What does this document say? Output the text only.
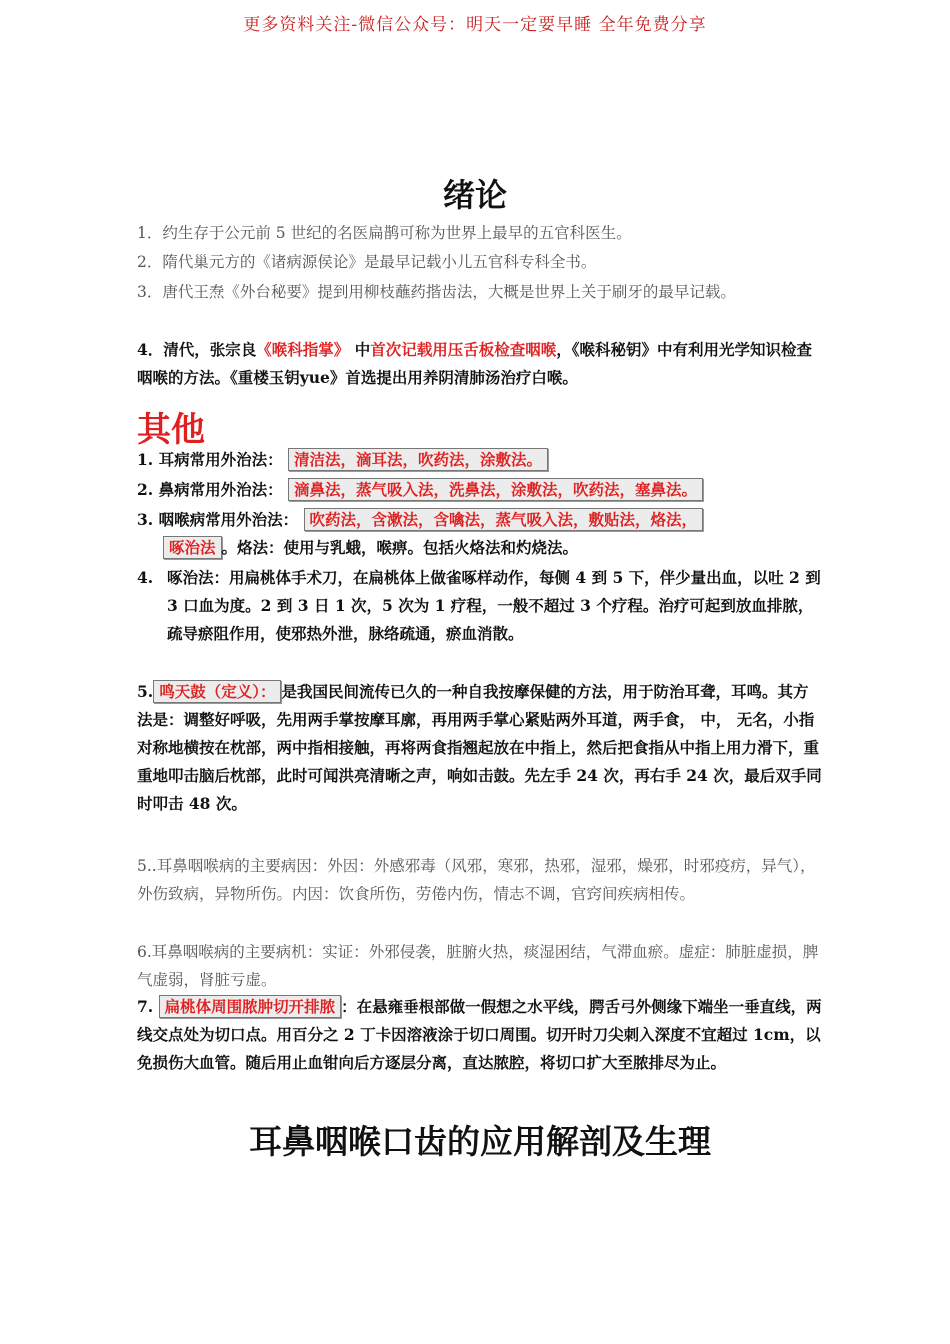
更多资料关注-微信公众号：明天一定要早睡 全年免费分享
绪论
1．约生存于公元前 5 世纪的名医扁鹊可称为世界上最早的五官科医生。
2．隋代巢元方的《诸病源侯论》是最早记载小儿五官科专科全书。
3．唐代王焘《外台秘要》提到用柳枝蘸药揩齿法，大概是世界上关于刷牙的最早记载。
4．清代，张宗良《喉科指掌》 中首次记载用压舌板检查咽喉，《喉科秘钥》中有利用光学知识检查咽喉的方法。《重楼玉钥yue》首选提出用养阴清肺汤治疗白喉。
其他
1. 耳病常用外治法： 清洁法，滴耳法，吹药法，涂敷法。
2. 鼻病常用外治法： 滴鼻法，蒸气吸入法，洗鼻法，涂敷法，吹药法，塞鼻法。
3. 咽喉病常用外治法： 吹药法，含漱法，含噙法，蒸气吸入法，敷贴法，烙法，
啄治法 。烙法：使用与乳蛾，喉痹。包括火烙法和灼烧法。
4. 啄治法：用扁桃体手术刀，在扁桃体上做雀啄样动作，每侧 4 到 5 下，伴少量出血，以吐 2 到 3 口血为度。2 到 3 日 1 次，5 次为 1 疗程，一般不超过 3 个疗程。治疗可起到放血排脓，疏导瘀阻作用，使邪热外泄，脉络疏通，瘀血消散。
5. 鸣天鼓（定义）： 是我国民间流传已久的一种自我按摩保健的方法，用于防治耳聋，耳鸣。其方法是：调整好呼吸，先用两手掌按摩耳廓，再用两手掌心紧贴两外耳道，两手食， 中， 无名，小指对称地横按在枕部，两中指相接触，再将两食指翘起放在中指上，然后把食指从中指上用力滑下，重重地叩击脑后枕部，此时可闻洪亮清晰之声，响如击鼓。先左手 24 次，再右手 24 次，最后双手同时叩击 48 次。
5..耳鼻咽喉病的主要病因：外因：外感邪毒（风邪，寒邪，热邪，湿邪，燥邪，时邪疫疠，异气），外伤致病，异物所伤。内因：饮食所伤，劳倦内伤，情志不调，官窍间疾病相传。
6.耳鼻咽喉病的主要病机：实证：外邪侵袭，脏腑火热，痰湿困结，气滞血瘀。虚症：肺脏虚损，脾气虚弱，肾脏亏虚。
7. 扁桃体周围脓肿切开排脓 ：在悬雍垂根部做一假想之水平线，腭舌弓外侧缘下端坐一垂直线，两线交点处为切口点。用百分之 2 丁卡因溶液涂于切口周围。切开时刀尖刺入深度不宜超过 1cm，以免损伤大血管。随后用止血钳向后方逐层分离，直达脓腔，将切口扩大至脓排尽为止。
耳鼻咽喉口齿的应用解剖及生理
